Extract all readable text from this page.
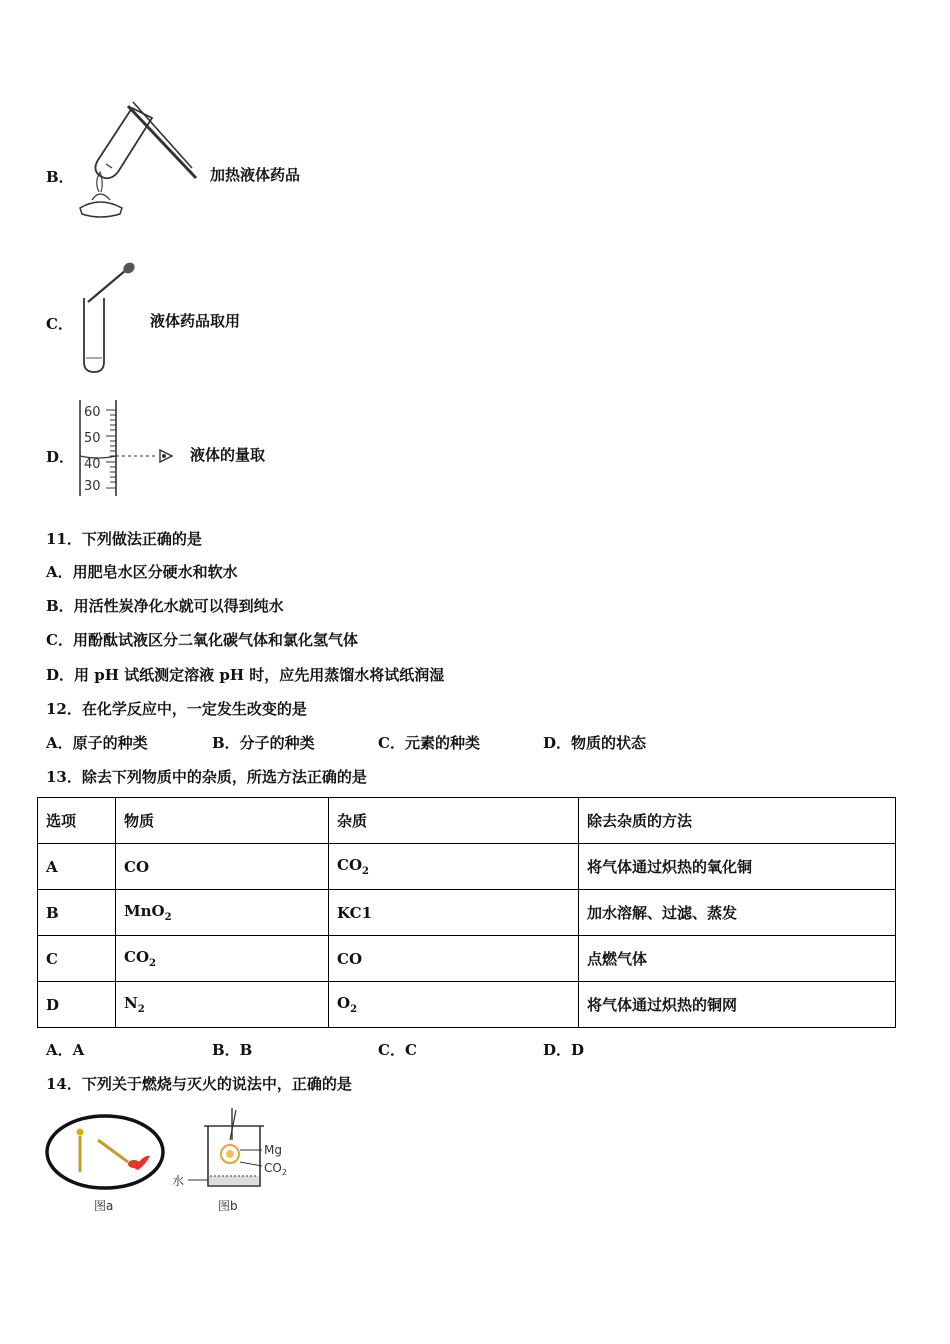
B．	加热液体药品
C．	液体药品取用
D．
60
50
40
30
液体的量取
11．下列做法正确的是
A．用肥皂水区分硬水和软水
B．用活性炭净化水就可以得到纯水
C．用酚酞试液区分二氧化碳气体和氯化氢气体
D．用 pH 试纸测定溶液 pH 时，应先用蒸馏水将试纸润湿
12．在化学反应中，一定发生改变的是
A．原子的种类	B．分子的种类	C．元素的种类	D．物质的状态
13．除去下列物质中的杂质，所选方法正确的是
选项	物质	杂质	除去杂质的方法
A	CO	$CO_2$	将气体通过炽热的氧化铜
B	MnO$_2$	KC1	加水溶解、过滤、蒸发
C	$CO_2$	CO	点燃气体
D	$N_2$	$O_2$	将气体通过炽热的铜网
A．A	B．B	C．C	D．D
14．下列关于燃烧与灭火的说法中，正确的是
图a
Mg
$CO_2$
水
图b
